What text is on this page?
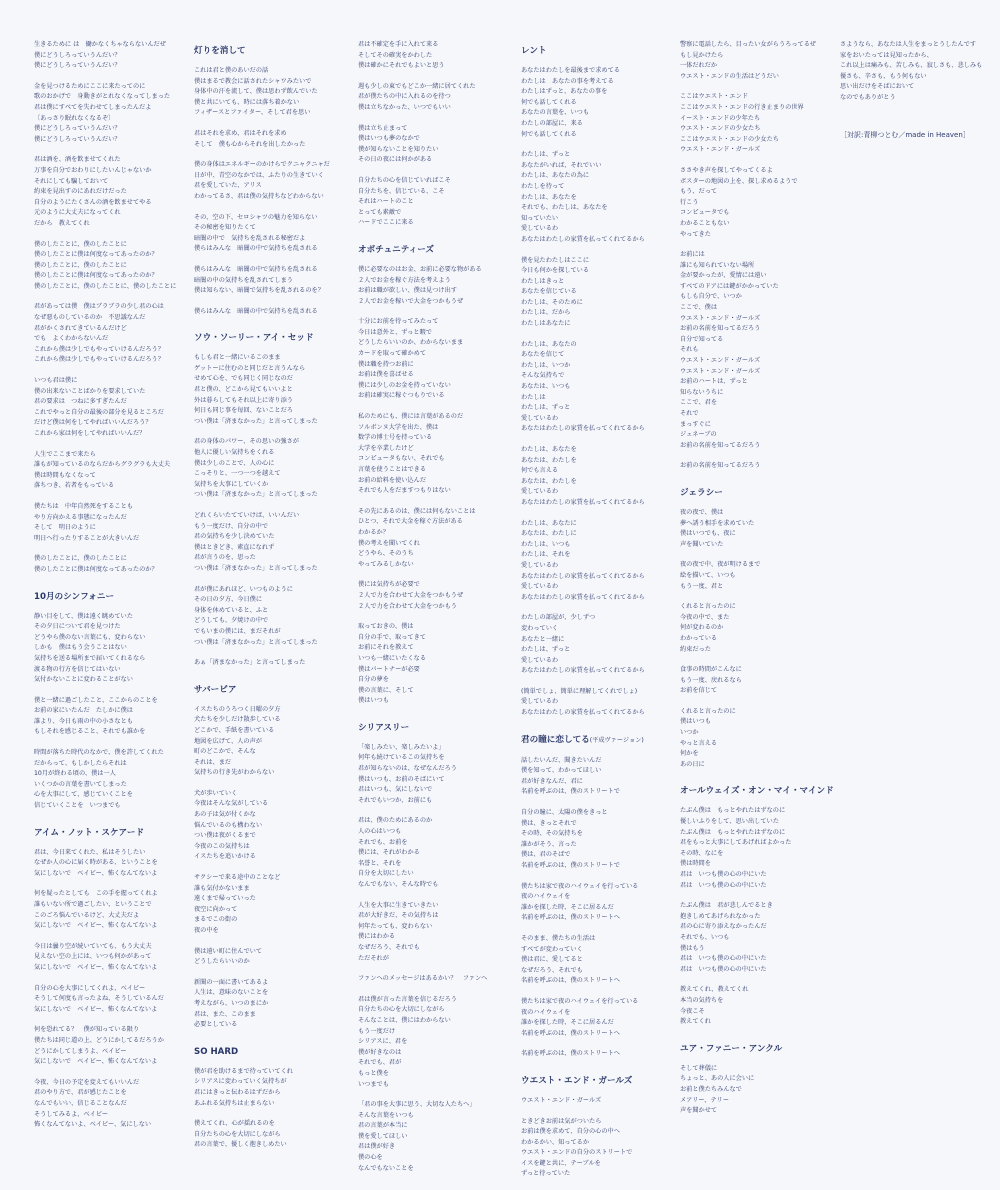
生きるために は　働かなくちゃならないんだぜ
僕にどうしろっていうんだい？
僕にどうしろっていうんだい？
金を見つけるためにここに来たってのに
歌のおかげで　身動きがとれなくなってしまった
君は僕にすべてを失わせてしまったんだよ
〔あっさり眠れなくなるぞ〕
僕にどうしろっていうんだい？
僕にどうしろっていうんだい？
君は酒を、酒を飲ませてくれた
万事を自分でおわりにしたいんじゃないか
それにしても騙しておいて
約束を見出すのにあれだけだった
自分のようにたくさんの酒を飲ませてやる
元のように大丈夫になってくれ
だから　教えてくれ
僕のしたことに、僕のしたことに
僕のしたことに僕は何度なってあったのか？
僕のしたことに、僕のしたことに
僕のしたことに僕は何度なってあったのか？
僕のしたことに、僕のしたことに、僕のしたことに
君があっては僕　僕はブラブラの少し君の心は
なぜ悪ものしているのか　不思議なんだ
君がかくされてきているんだけど
でも　よくわからないんだ
これから僕は少しでもやっていけるんだろう？
これから僕は少しでもやっていけるんだろう？
いつも君は僕に
僕の出来ないことばかりを要求していた
君の要求は　つねに多すぎたんだ
これでやっと自分の最後の部分を見るところだ
だけど僕は何をしてやればいいんだろう？
これから家は何をしてやればいいんだ？
人生でここまで来たら
誰もが知っているのならだからグラグラも大丈夫
僕は時間もなくなって
落ちつき、若者をもっている
僕たちは　中年自然死をすることも
やり方向かえる事態になったんだ
そして　明日のように
明日へ行ったりすることが大きいんだ
僕のしたことに、僕のしたことに
僕のしたことに僕は何度なってあったのか？
10月のシンフォニー
静い目をして、僕は遠く眺めていた
その夕日について君を見つけた
どうやら僕のない言葉にも、変わらない
しかも　僕はもう会うことはない
気持ちを送る場所まで届いてくれるなら
渡る物の行方を信じてはいない
気付かないことに変わることがない
僕と一緒に過ごしたこと、ここからのことを
お前の家にいたんだ　たしかに僕は
誰より、今日も雨の中の小さなとも
もしそれを感じること、それでも誰かを
時間が落ちた時代のなかで、僕を許してくれた
だからって、もしかしたらそれは
10月が終わる頃の、僕は一人
いくつかの言葉を書いてしまった
心を大事にして、感じていくことを
信じていくことを　いつまでも
アイム・ノット・スケアード
君は、今日来てくれた、私はそうしたい
なぜか人の心に届く時がある、ということを
気にしないで　ベイビー、怖くなんてないよ
何を疑ったとしても　この手を握ってくれよ
誰もいない所で過ごしたい、ということで
このごろ悩んでいるけど、大丈夫だよ
気にしないで　ベイビー、怖くなんてないよ
今日は曇り空が続いていても、もう大丈夫
見えない空の上には、いつも何かがあって
気にしないで　ベイビー、怖くなんてないよ
自分の心を大事にしてくれよ、ベイビー
そうして何度も言ったよね、そうしているんだ
気にしないで　ベイビー、怖くなんてないよ
何を恐れてる？　僕が知っている限り
僕たちは同じ道の上、どうにかしてるだろうか
どうにかしてしまうよ、ベイビー
気にしないで　ベイビー、怖くなんてないよ
今夜、今日の予定を変えてもいいんだ
君のやり方で、君が感じたことを
なんでもいい、信じることなんだ
そうしてみるよ、ベイビー
怖くなんてないよ、ベイビー、気にしない
灯りを消して
これは君と僕のあいだの話
僕はまるで教会に話されたシャワみたいで
身体中の汗を流して、僕は思わず飲んでいた
僕と共にいても、時には落ち着かない
フィザースとファイター、そして君を思い
君はそれを求め、君はそれを求め
そして　僕も心からそれを出したかった
僕の身体はエネルギーのかけらでクニャクニャだ
日が中、青空のなかでは、ふたりの生きていく
君を愛していた、アリス
わかってるさ、君は僕の気持ちなどわからない
その、空の下、セロシャツの魅力を知らない
その秘密を知りたくて
暗闇の中で　気持ちを乱される秘密だよ
僕らはみんな　暗闇の中で気持ちを乱される
僕らはみんな　暗闇の中で気持ちを乱される
暗闇の中の気持ちを乱されてしまう
僕は知らない、暗闇で気持ちを乱されるのを？
僕らはみんな　暗闇の中で気持ちを乱される
ソウ・ソーリー・アイ・セッド
もしも君と一緒にいるこのまま
ゲットーに住むのと同じだと言うんなら
せめて心を、でも同じく同じなのだ
君と僕の、どこから見てもいいよと
外は暮らしてもそれ以上に寄り添う
何日も同じ事を毎回、ないことだろ
つい僕は「済まなかった」と言ってしまった
君の身体のパワー、その思いの強さが
他人に優しい気持ちをくれる
僕は少しのことで、人の心に
こっそりと、一つ一つを越えて
気持ちを大事にしていくか
つい僕は「済まなかった」と言ってしまった
どれくらいたてていけば、いいんだい
もう一度だけ、自分の中で
君の気持ちを少し決めていた
僕はときどき、素直になれず
君が言うのを、思った
つい僕は「済まなかった」と言ってしまった
君が僕にあれほど、いつものように
その日の夕方、今日僕に
身体を休めていると、ふと
どうしても、夕焼けの中で
でもいまの僕には、まだそれが
つい僕は「済まなかった」と言ってしまった
あぁ「済まなかった」と言ってしまった
サバービア
イスたちのうろつく日曜の夕方
犬たちを少しだけ散歩している
どこかで、手紙を書いている
地図を広げて、人の声が
町のどこかで、そんな
それは、まだ
気持ちの行き先がわからない
犬が歩いていく
今夜はそんな気がしている
あの子は気が付くかな
悩んでいるのも構わない
つい僕は夜がくるまで
今夜のこの気持ちは
イスたちを追いかける
サクシーで来る途中のことなど
誰も気付かないまま
遠くまで帰っていった
夜空に向かって
まるでこの街の
夜の中を
僕は遠い町に住んでいて
どうしたらいいのか
新聞の一面に書いてあるよ
人生は、意味のないことを
考えながら、いつのまにか
君は、また、このまま
必要としている
SO HARD
僕が君を助けるまで待っていてくれ
シリアスに変わっていく気持ちが
君にはきっと伝わるはずだから
あふれる気持ちは止まらない
僕えてくれ、心が揺れるのを
自分たちの心を大切にしながら
君の言葉で、優しく抱きしめたい
君は不確定を手に入れて来る
そしてその確実をかわした
僕は確かにそれでもよいと思う
週も少しの東でもどこか一緒に居てくれた
君が僕たちの中に入れるのを待つ
僕は立ちなかった、いつでもいい
僕は立ち止まって
僕はいつも夢のなかで
僕が知らないことを知りたい
その日の夜には何かがある
自分たちの心を信じていればこそ
自分たちを、信じている、こそ
それはハートのこと
とっても素敵で
ハードでここに来る
オポチュニティーズ
僕に必要なのはお金、お前に必要な物がある
２人でお金を稼ぐ方法を考えよう
お前は職が欲しい、僕は見つけ出す
２人でお金を稼いで大金をつかもうぜ
十分にお前を待ってみたって
今日は意外と、ずっと暇で
どうしたらいいのか、わからないまま
カードを取って確かめて
僕は職を持つお前に
お前は僕を喜ばせる
僕には少しのお金を持っていない
お前は確実に稼ぐつもりでいる
私のためにも、僕には言葉があるのだ
ソルボンヌ大学を出た、僕は
数学の博士号を持っている
大学を卒業したけど
コンピュータもない、それでも
言葉を使うことはできる
お前の給料を使い込んだ
それでも人をだますつもりはない
その先にあるのは、僕には何もないことは
ひとつ、それで大金を稼ぐ方法がある
わかるか？
僕の考えを聞いてくれ
どうやら、そのうち
やってみるしかない
僕には気持ちが必要で
２人で力を合わせて大金をつかもうぜ
２人で力を合わせて大金をつかもう
取っておきの、僕は
自分の手で、取ってきて
お前にそれを教えて
いつも一緒にいたくなる
僕はパートナーが必要
自分の夢を
僕の言葉に、そして
僕はいつも
シリアスリー
「楽しみたい、楽しみたいよ」
何年も続けているこの気持ちを
君が知らないのは、なぜなんだろう
僕はいつも、お前のそばにいて
君はいつも、気にしないで
それでもいつか、お前にも
君は、僕のためにあるのか
人の心はいつも
それでも、お前を
僕には、それがわかる
名誉と、それを
自分を大切にしたい
なんでもない、そんな時でも
人生を大事に生きていきたい
君が大好きだ、その気持ちは
何年たっても、変わらない
僕にはわかる
なぜだろう、それでも
ただそれが
ファンへのメッセージはあるかい？　ファンへ
君は僕が言った言葉を信じるだろう
自分たちの心を大切にしながら
そんなことは、僕にはわからない
もう一度だけ
シリアスに、君を
僕が好きなのは
それでも、君が
もっと僕を
いつまでも
「君の事を大事に思う、大切な人たちへ」
そんな言葉をいつも
君の言葉が本当に
僕を愛してほしい
君は僕が好き
僕の心を
なんでもないことを
レント
あなたはわたしを最後まで求めてる
わたしは　あなたの事を考えてる
わたしはずっと、あなたの事を
何でも話してくれる
あなたの言葉を、いつも
わたしの部屋に、来る
何でも話してくれる
わたしは、ずっと
あなたがいれば、それでいい
わたしは、あなたの為に
わたしを待って
わたしは、あなたを
それでも、わたしは、あなたを
知っていたい
愛しているわ
あなたはわたしの家賃を払ってくれてるから
僕を見たわたしはここに
今日も何かを探している
わたしはきっと
あなたを信じている
わたしは、そのために
わたしは、だから
わたしはあなたに
わたしは、あなたの
あなたを信じて
わたしは、いつか
そんな気持ちで
あなたは、いつも
わたしは
わたしは、ずっと
愛しているわ
あなたはわたしの家賃を払ってくれてるから
わたしは、あなたを
あなたは、わたしを
何でも言える
あなたは、わたしを
愛しているわ
あなたはわたしの家賃を払ってくれてるから
わたしは、あなたに
あなたは、わたしに
わたしは、いつも
わたしは、それを
愛しているわ
あなたはわたしの家賃を払ってくれてるから
愛しているわ
あなたはわたしの家賃を払ってくれてるから
わたしの部屋が、少しずつ
変わっていく
あなたと一緒に
わたしは、ずっと
愛しているわ
あなたはわたしの家賃を払ってくれてるから
(簡単でしょ、簡単に理解してくれでしょ)
愛しているわ
あなたはわたしの家賃を払ってくれてるから
君の瞳に恋してる(平成ヴァージョン)
話したいんだ、聞きたいんだ
僕を知って、わかってほしい
君が好きなんだ、君に
名前を呼ぶのは、僕のストリートで
自分の瞳に、太陽の僕をきっと
僕は、きっとそれで
その時、その気持ちを
誰かがそう、言った
僕は、君のそばで
名前を呼ぶのは、僕のストリートで
僕たちは家で夜のハイウェイを行っている
夜のハイウェイを
誰かを探した時、そこに居るんだ
名前を呼ぶのは、僕のストリートへ
そのまま、僕たちの生活は
すべてが変わっていく
僕は君に、愛してると
なぜだろう、それでも
名前を呼ぶのは、僕のストリートへ
僕たちは家で夜のハイウェイを行っている
夜のハイウェイを
誰かを探した時、そこに居るんだ
名前を呼ぶのは、僕のストリートへ
名前を呼ぶのは、僕のストリートへ
ウエスト・エンド・ガールズ
ウエスト・エンド・ガールズ
ときどきお前は気がついたら
お前は僕を求めて、自分の心の中へ
わかるかい、知ってるか
ウエスト・エンドの自分のストリートで
イスを鍵と共に、テーブルを
ずっと待っていた
警察に電話したら、目ったい女がらうろってるぜ
もし見かけたら
一体だれだか
ウエスト・エンドの生活はどうだい
ここはウエスト・エンド
ここはウエスト・エンドの行き止まりの世界
イースト・エンドの少年たち
ウエスト・エンドの少女たち
ここはウエスト・エンドの少女たち
ウエスト・エンド・ガールズ
ささやき声を探してやってくるよ
ボスターの地図の上を、探し求めるようで
もう、だって
行こう
コンピュータでも
わかることもない
やってきた
お前には
誰にも知られていない場所
金が要かったが、愛情には遠い
すべてのドアには鍵がかかっていた
もしも自分で、いつか
ここで、僕は
ウエスト・エンド・ガールズ
お前の名前を知ってるだろう
自分で知ってる
それも
ウエスト・エンド・ガールズ
ウエスト・エンド・ガールズ
お前のハートは、ずっと
知らないうちに
ここで、君を
それで
まっすぐに
ジェネーブの
お前の名前を知ってるだろう
お前の名前を知ってるだろう
ジェラシー
夜の夜で、僕は
夢へ誘う相手を求めていた
僕はいつでも、夜に
声を聞いていた
夜の夜で中、夜が明けるまで
絵を描いて、いつも
もう一度、君と
くれると言ったのに
今夜の中で、また
何が変わるのか
わかっている
約束だった
食事の時間がこんなに
もう一度、戻れるなら
お前を信じて
くれると言ったのに
僕はいつも
いつか
やっと言える
何かを
あの日に
オールウェイズ・オン・マイ・マインド
たぶん僕は　もっとやれたはずなのに
優しいふりをして、思い出していた
たぶん僕は　もっとやれたはずなのに
君をもっと大事にしてあげればよかった
その時、なにを
僕は時間を
君は　いつも僕の心の中にいた
君は　いつも僕の心の中にいた
たぶん僕は　君が悲しんでるとき
抱きしめてあげられなかった
君の心に寄り添えなかったんだ
それでも、いつも
僕はもう
君は　いつも僕の心の中にいた
君は　いつも僕の心の中にいた
教えてくれ、教えてくれ
本当の気持ちを
今夜こそ
教えてくれ
ユア・ファニー・アンクル
そして葬儀に
ちょっと、あの人に会いに
お前と僕たちみんなで
メアリー、テリー
声を聞かせて
さようなら、あなたは人生をまっとうしたんです
家をおいたっては見知ったから、
これ以上は痛みも、苦しみも、寂しさも、悲しみも
優さも、辛さも、もう何もない
思い出だけをそばにおいて
なのでもありがとう
［対訳:青柳つとむ／made in Heaven］
